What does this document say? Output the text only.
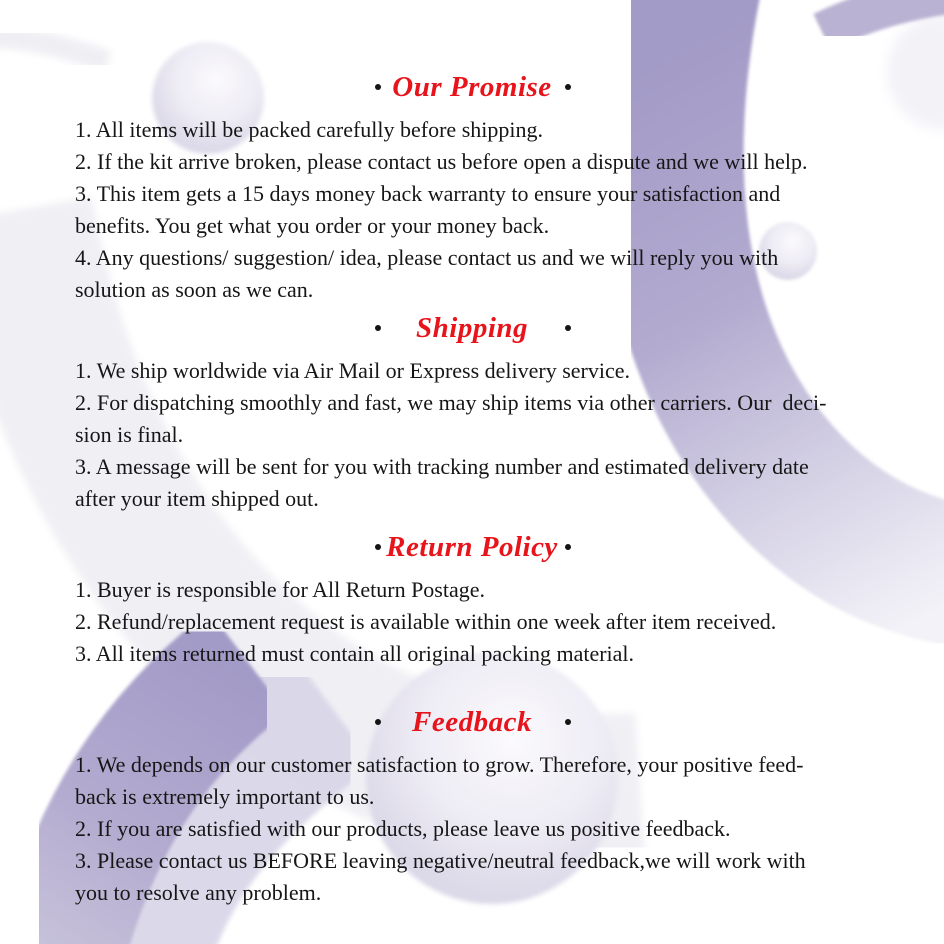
Our Promise
1. All items will be packed carefully before shipping.
2. If the kit arrive broken, please contact us before open a dispute and we will help.
3. This item gets a 15 days money back warranty to ensure your satisfaction and
benefits. You get what you order or your money back.
4. Any questions/ suggestion/ idea, please contact us and we will reply you with
solution as soon as we can.
Shipping
1. We ship worldwide via Air Mail or Express delivery service.
2. For dispatching smoothly and fast, we may ship items via other carriers. Our  deci-
sion is final.
3. A message will be sent for you with tracking number and estimated delivery date
after your item shipped out.
Return Policy
1. Buyer is responsible for All Return Postage.
2. Refund/replacement request is available within one week after item received.
3. All items returned must contain all original packing material.
Feedback
1. We depends on our customer satisfaction to grow. Therefore, your positive feed-
back is extremely important to us.
2. If you are satisfied with our products, please leave us positive feedback.
3. Please contact us BEFORE leaving negative/neutral feedback,we will work with
you to resolve any problem.
